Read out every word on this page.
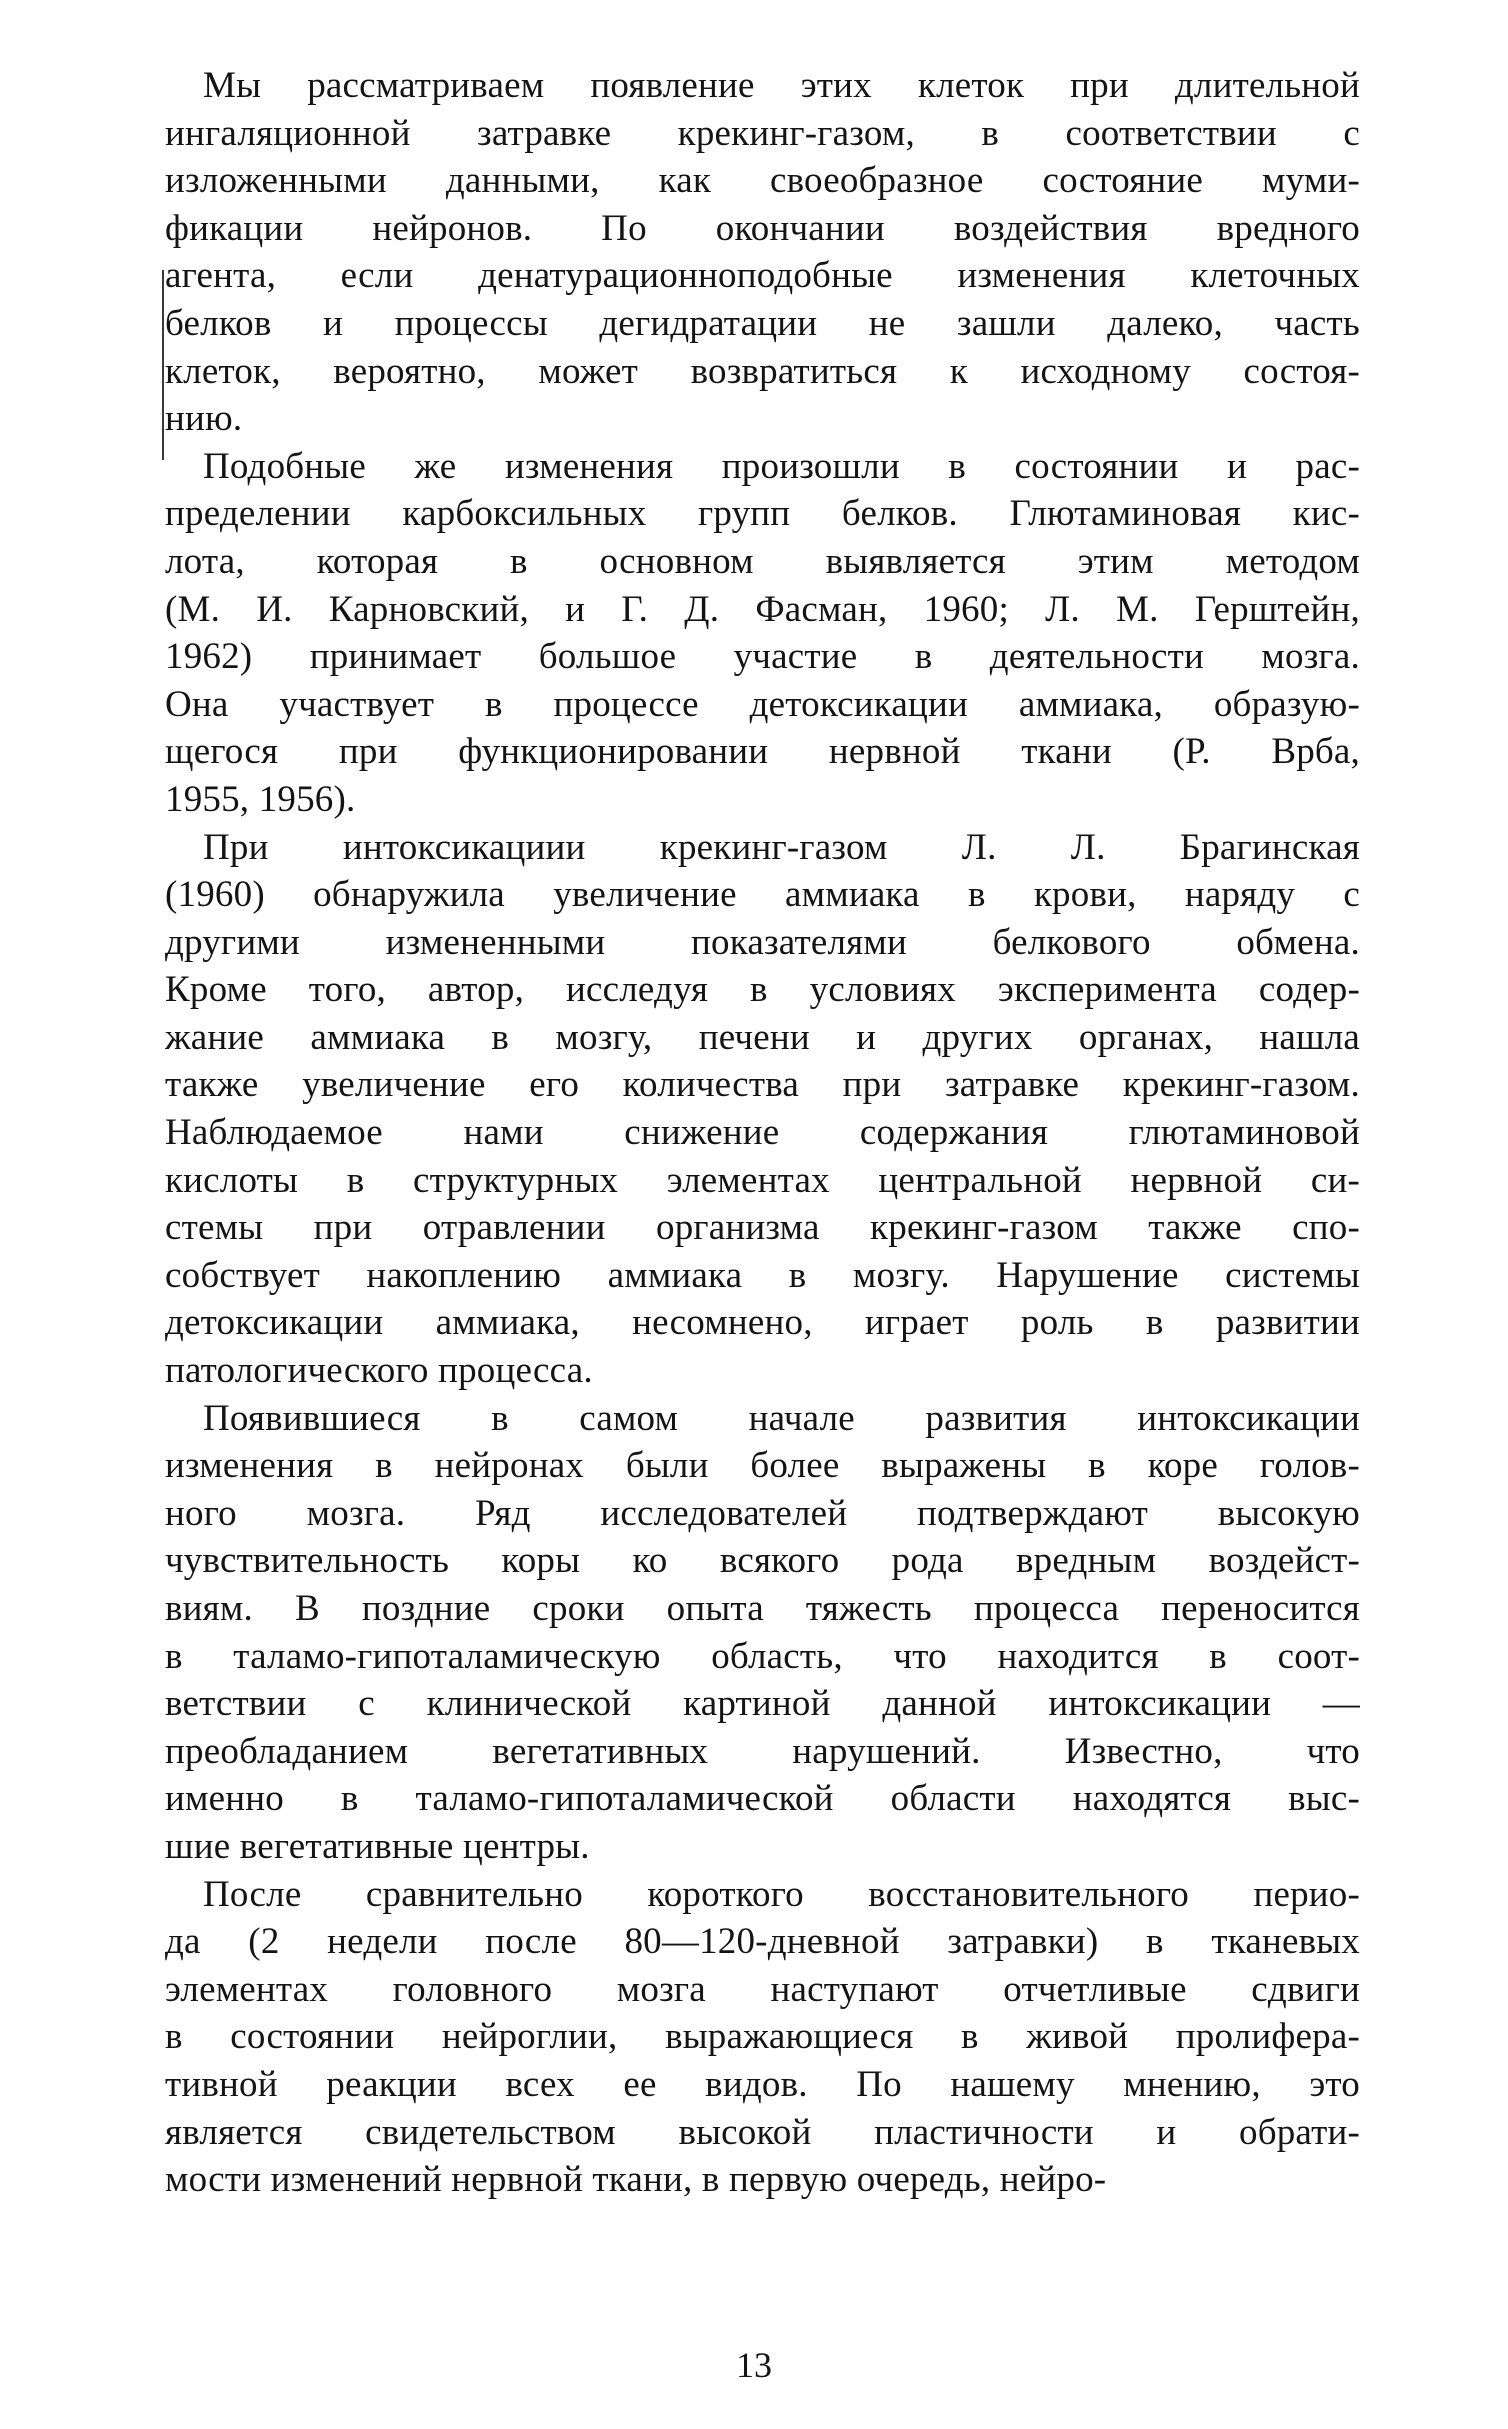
Мы рассматриваем появление этих клеток при длительной
ингаляционной затравке крекинг-газом, в соответствии с
изложенными данными, как своеобразное состояние муми-
фикации нейронов. По окончании воздействия вредного
агента, если денатурационноподобные изменения клеточных
белков и процессы дегидратации не зашли далеко, часть
клеток, вероятно, может возвратиться к исходному состоя-
нию.
Подобные же изменения произошли в состоянии и рас-
пределении карбоксильных групп белков. Глютаминовая кис-
лота, которая в основном выявляется этим методом
(М. И. Карновский, и Г. Д. Фасман, 1960; Л. М. Герштейн,
1962) принимает большое участие в деятельности мозга.
Она участвует в процессе детоксикации аммиака, образую-
щегося при функционировании нервной ткани (Р. Врба,
1955, 1956).
При интоксикациии крекинг-газом Л. Л. Брагинская
(1960) обнаружила увеличение аммиака в крови, наряду с
другими измененными показателями белкового обмена.
Кроме того, автор, исследуя в условиях эксперимента содер-
жание аммиака в мозгу, печени и других органах, нашла
также увеличение его количества при затравке крекинг-газом.
Наблюдаемое нами снижение содержания глютаминовой
кислоты в структурных элементах центральной нервной си-
стемы при отравлении организма крекинг-газом также спо-
собствует накоплению аммиака в мозгу. Нарушение системы
детоксикации аммиака, несомнено, играет роль в развитии
патологического процесса.
Появившиеся в самом начале развития интоксикации
изменения в нейронах были более выражены в коре голов-
ного мозга. Ряд исследователей подтверждают высокую
чувствительность коры ко всякого рода вредным воздейст-
виям. В поздние сроки опыта тяжесть процесса переносится
в таламо-гипоталамическую область, что находится в соот-
ветствии с клинической картиной данной интоксикации —
преобладанием вегетативных нарушений. Известно, что
именно в таламо-гипоталамической области находятся выс-
шие вегетативные центры.
После сравнительно короткого восстановительного перио-
да (2 недели после 80—120-дневной затравки) в тканевых
элементах головного мозга наступают отчетливые сдвиги
в состоянии нейроглии, выражающиеся в живой пролифера-
тивной реакции всех ее видов. По нашему мнению, это
является свидетельством высокой пластичности и обрати-
мости изменений нервной ткани, в первую очередь, нейро-
13
